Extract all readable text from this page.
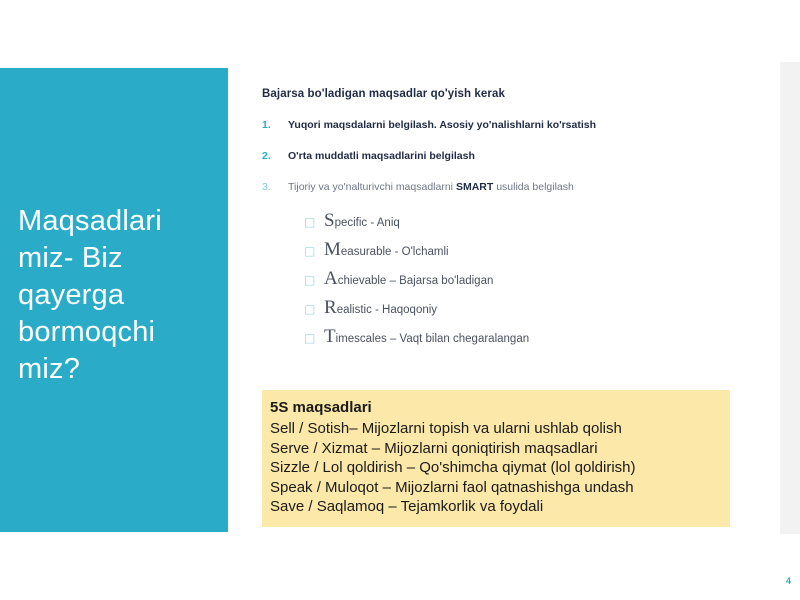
Maqsadlari miz- Biz qayerga bormoqchi miz?
Bajarsa bo'ladigan maqsadlar qo'yish kerak
1.	Yuqori maqsdalarni belgilash. Asosiy yo'nalishlarni ko'rsatish
2.	O'rta muddatli maqsadlarini belgilash
3.	Tijoriy va yo'nalturivchi maqsadlarni SMART usulida belgilash
□ S pecific - Aniq
□ M easurable - O'lchamli
□ A chievable – Bajarsa bo'ladigan
□ R ealistic - Haqoqoniy
□ T imescales – Vaqt bilan chegaralangan
5S maqsadlari
Sell / Sotish– Mijozlarni topish va ularni ushlab qolish
Serve / Xizmat – Mijozlarni qoniqtirish maqsadlari
Sizzle / Lol qoldirish – Qo'shimcha qiymat (lol qoldirish)
Speak / Muloqot – Mijozlarni faol qatnashishga undash
Save / Saqlamoq – Tejamkorlik va foydali
4
